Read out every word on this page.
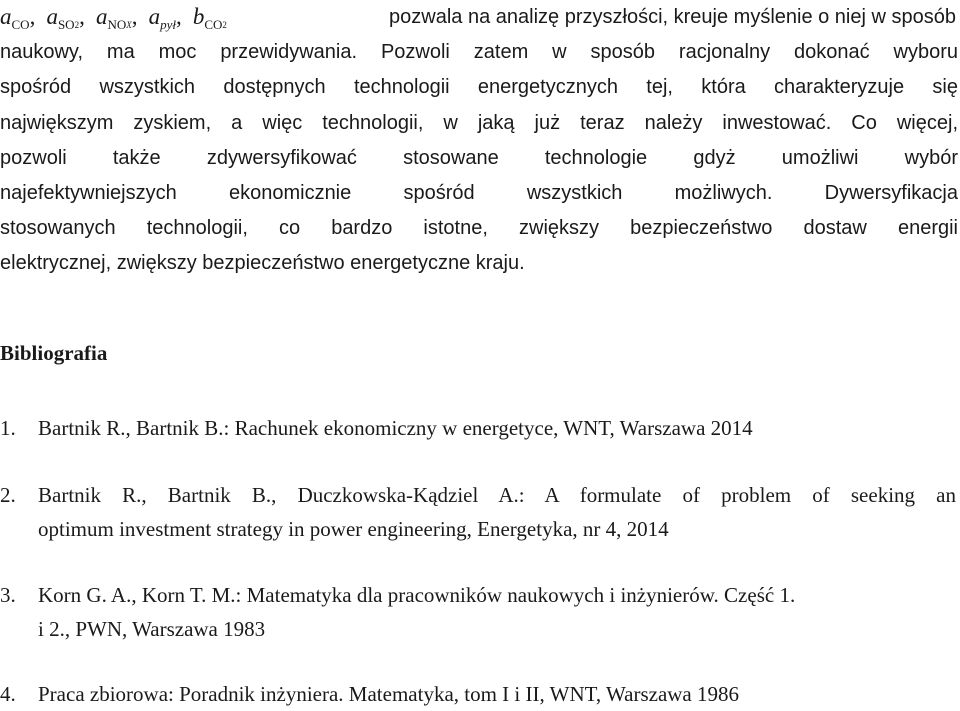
$a_{CO}$, $a_{SO2}$, $a_{NOX}$, $a_{pył}$, $b_{CO2}$	pozwala na analizę przyszłości, kreuje myślenie o niej w sposób
naukowy, ma moc przewidywania. Pozwoli zatem w sposób racjonalny dokonać wyboru
spośród wszystkich dostępnych technologii energetycznych tej, która charakteryzuje się
największym zyskiem, a więc technologii, w jaką już teraz należy inwestować. Co więcej,
pozwoli także zdywersyfikować stosowane technologie gdyż umożliwi wybór
najefektywniejszych ekonomicznie spośród wszystkich możliwych. Dywersyfikacja
stosowanych technologii, co bardzo istotne, zwiększy bezpieczeństwo dostaw energii
elektrycznej, zwiększy bezpieczeństwo energetyczne kraju.
Bibliografia
1. Bartnik R., Bartnik B.: Rachunek ekonomiczny w energetyce, WNT, Warszawa 2014
2. Bartnik R., Bartnik B., Duczkowska-Kądziel A.: A formulate of problem of seeking an
optimum investment strategy in power engineering, Energetyka, nr 4, 2014
3. Korn G. A., Korn T. M.: Matematyka dla pracowników naukowych i inżynierów. Część 1.
i 2., PWN, Warszawa 1983
4. Praca zbiorowa: Poradnik inżyniera. Matematyka, tom I i II, WNT, Warszawa 1986
